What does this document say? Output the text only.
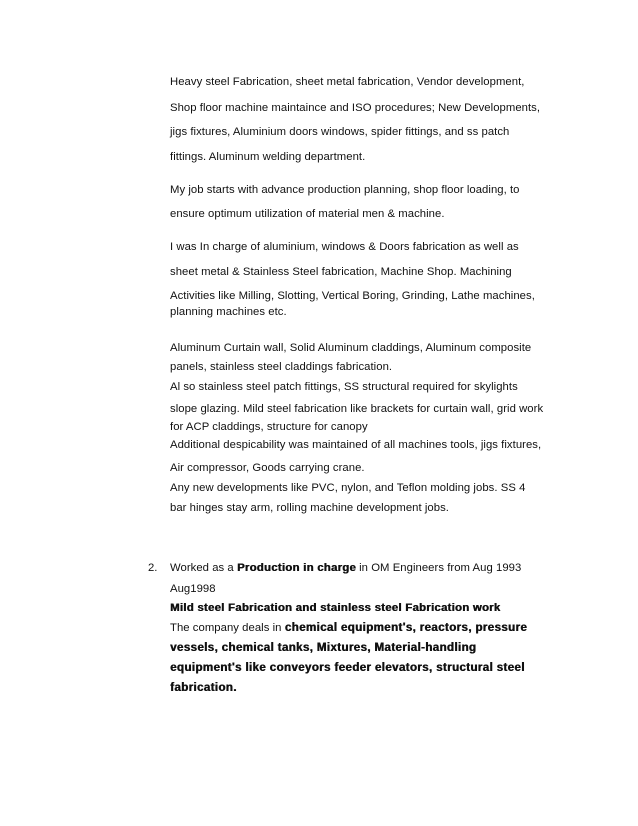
Heavy steel Fabrication, sheet metal fabrication, Vendor development,
Shop floor machine maintaince and ISO procedures; New Developments,
jigs fixtures, Aluminium doors windows, spider fittings, and ss patch
fittings. Aluminum welding department.
My job starts with advance production planning, shop floor loading, to
ensure optimum utilization of material men & machine.
I was In charge of aluminium, windows & Doors fabrication as well as
sheet metal & Stainless Steel fabrication, Machine Shop. Machining
Activities like Milling, Slotting, Vertical Boring, Grinding, Lathe machines,
planning machines etc.
Aluminum Curtain wall, Solid Aluminum claddings, Aluminum composite
panels, stainless steel claddings fabrication.
Al so stainless steel patch fittings, SS structural required for skylights
slope glazing. Mild steel fabrication like brackets for curtain wall, grid work
for ACP claddings, structure for canopy
Additional despicability was maintained of all machines tools, jigs fixtures,
Air compressor, Goods carrying crane.
Any new developments like PVC, nylon, and Teflon molding jobs. SS 4
bar hinges stay arm, rolling machine development jobs.
2. Worked as a Production in charge in OM Engineers from Aug 1993
Aug1998
Mild steel Fabrication and stainless steel Fabrication work
The company deals in chemical equipment's, reactors, pressure
vessels, chemical tanks, Mixtures, Material-handling
equipment's like conveyors feeder elevators, structural steel
fabrication.
